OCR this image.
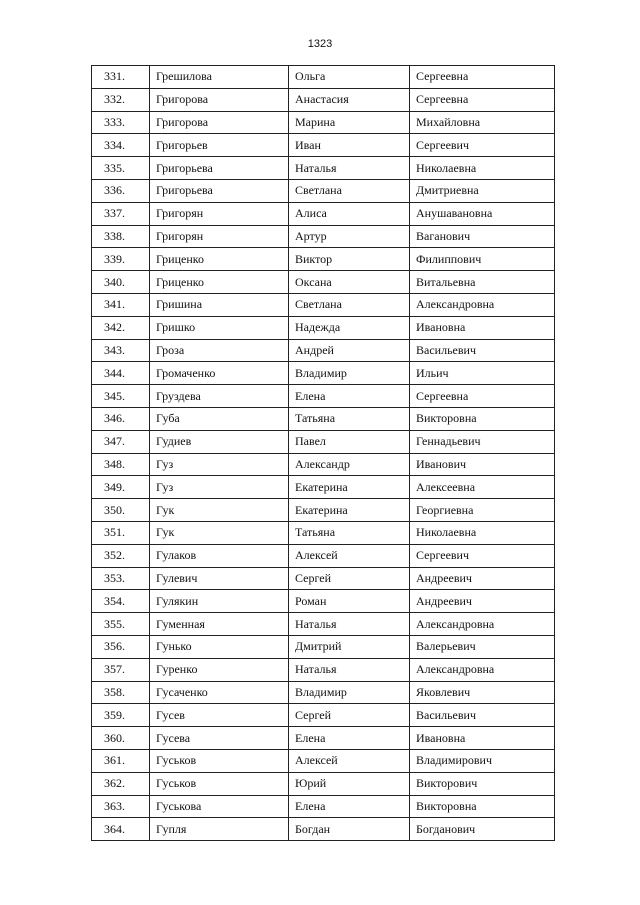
1323
331.	Грешилова	Ольга	Сергеевна
332.	Григорова	Анастасия	Сергеевна
333.	Григорова	Марина	Михайловна
334.	Григорьев	Иван	Сергеевич
335.	Григорьева	Наталья	Николаевна
336.	Григорьева	Светлана	Дмитриевна
337.	Григорян	Алиса	Анушавановна
338.	Григорян	Артур	Ваганович
339.	Гриценко	Виктор	Филиппович
340.	Гриценко	Оксана	Витальевна
341.	Гришина	Светлана	Александровна
342.	Гришко	Надежда	Ивановна
343.	Гроза	Андрей	Васильевич
344.	Громаченко	Владимир	Ильич
345.	Груздева	Елена	Сергеевна
346.	Губа	Татьяна	Викторовна
347.	Гудиев	Павел	Геннадьевич
348.	Гуз	Александр	Иванович
349.	Гуз	Екатерина	Алексеевна
350.	Гук	Екатерина	Георгиевна
351.	Гук	Татьяна	Николаевна
352.	Гулаков	Алексей	Сергеевич
353.	Гулевич	Сергей	Андреевич
354.	Гулякин	Роман	Андреевич
355.	Гуменная	Наталья	Александровна
356.	Гунько	Дмитрий	Валерьевич
357.	Гуренко	Наталья	Александровна
358.	Гусаченко	Владимир	Яковлевич
359.	Гусев	Сергей	Васильевич
360.	Гусева	Елена	Ивановна
361.	Гуськов	Алексей	Владимирович
362.	Гуськов	Юрий	Викторович
363.	Гуськова	Елена	Викторовна
364.	Гупля	Богдан	Богданович
